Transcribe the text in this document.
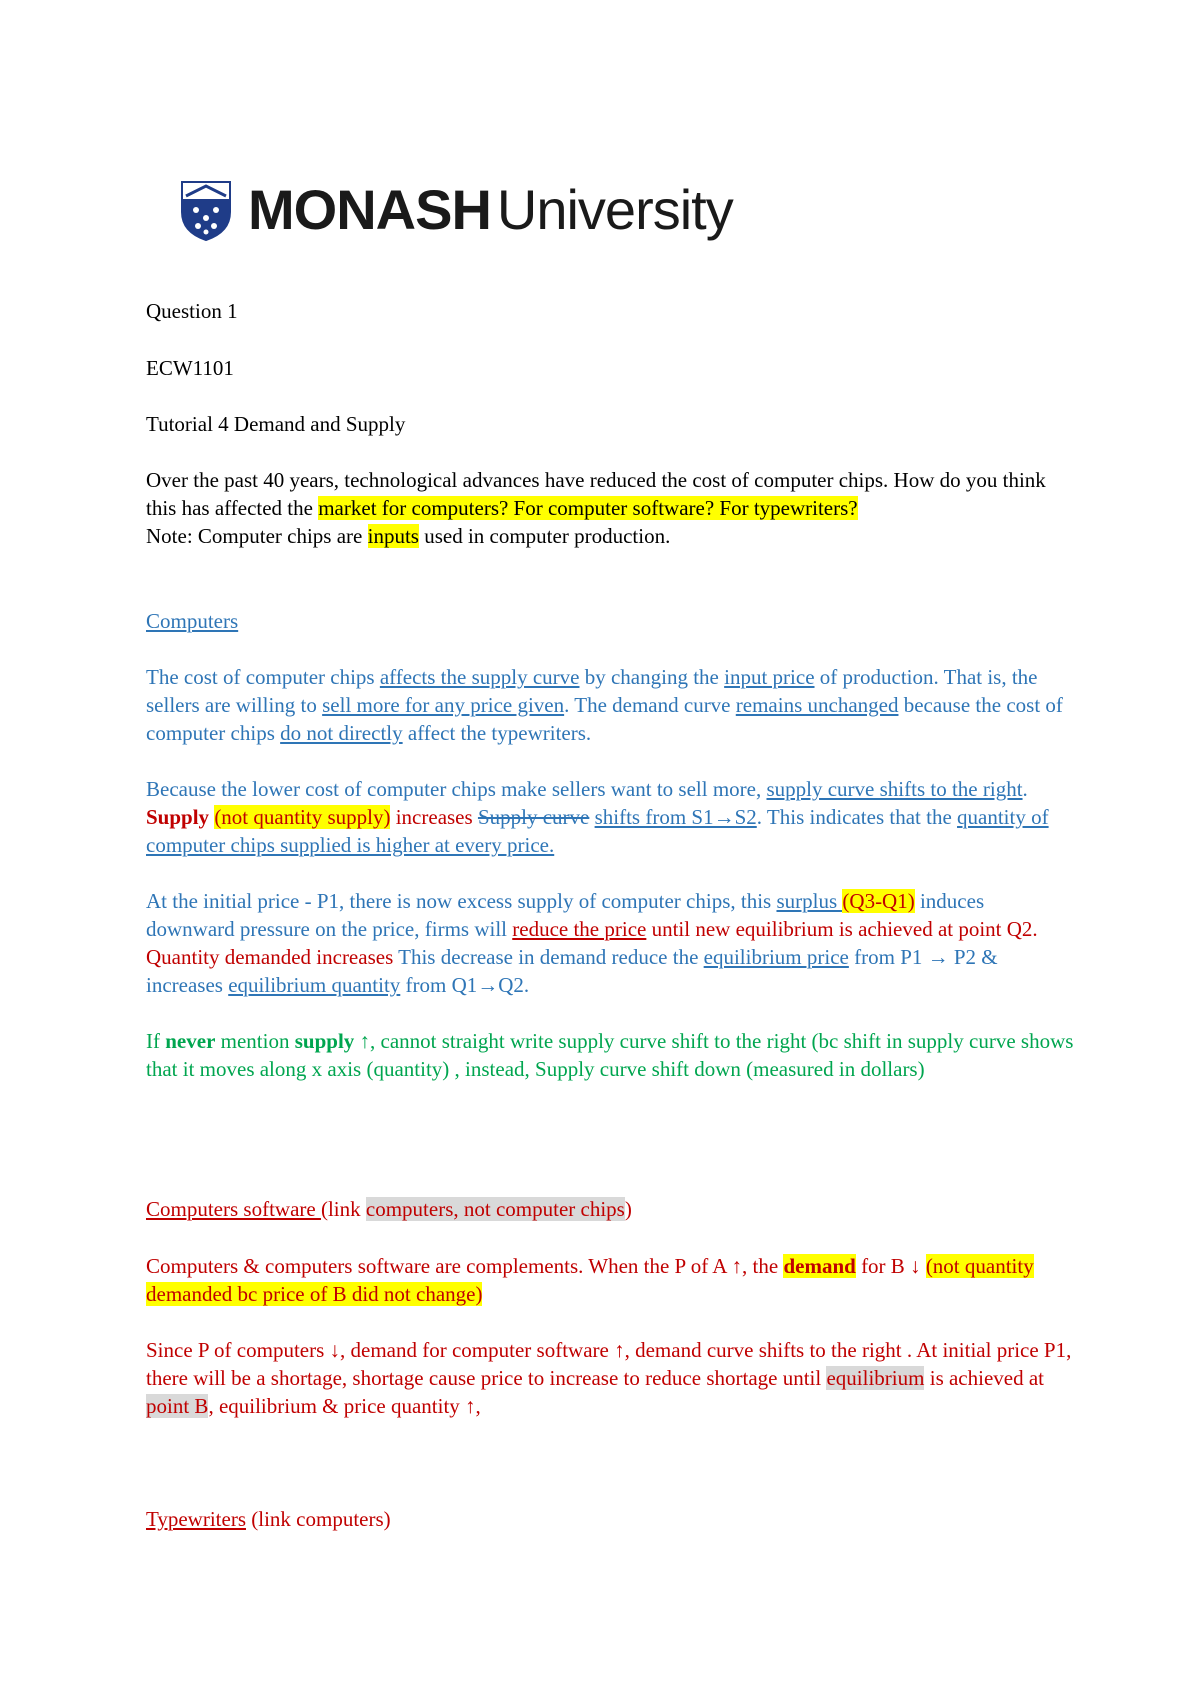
MONASH University

Question 1

ECW1101

Tutorial 4 Demand and Supply

Over the past 40 years, technological advances have reduced the cost of computer chips. How do you think this has affected the market for computers? For computer software? For typewriters?
Note: Computer chips are inputs used in computer production.

Computers

The cost of computer chips affects the supply curve by changing the input price of production. That is, the sellers are willing to sell more for any price given. The demand curve remains unchanged because the cost of computer chips do not directly affect the typewriters.

Because the lower cost of computer chips make sellers want to sell more, supply curve shifts to the right. Supply (not quantity supply) increases Supply curve shifts from S1→S2. This indicates that the quantity of computer chips supplied is higher at every price.

At the initial price - P1, there is now excess supply of computer chips, this surplus (Q3-Q1) induces downward pressure on the price, firms will reduce the price until new equilibrium is achieved at point Q2. Quantity demanded increases This decrease in demand reduce the equilibrium price from P1 → P2 & increases equilibrium quantity from Q1→Q2.

If never mention supply ↑, cannot straight write supply curve shift to the right (bc shift in supply curve shows that it moves along x axis (quantity) , instead, Supply curve shift down (measured in dollars)

Computers software (link computers, not computer chips)

Computers & computers software are complements. When the P of A ↑, the demand for B ↓ (not quantity demanded bc price of B did not change)

Since P of computers ↓, demand for computer software ↑, demand curve shifts to the right . At initial price P1, there will be a shortage, shortage cause price to increase to reduce shortage until equilibrium is achieved at point B, equilibrium & price quantity ↑,

Typewriters (link computers)
